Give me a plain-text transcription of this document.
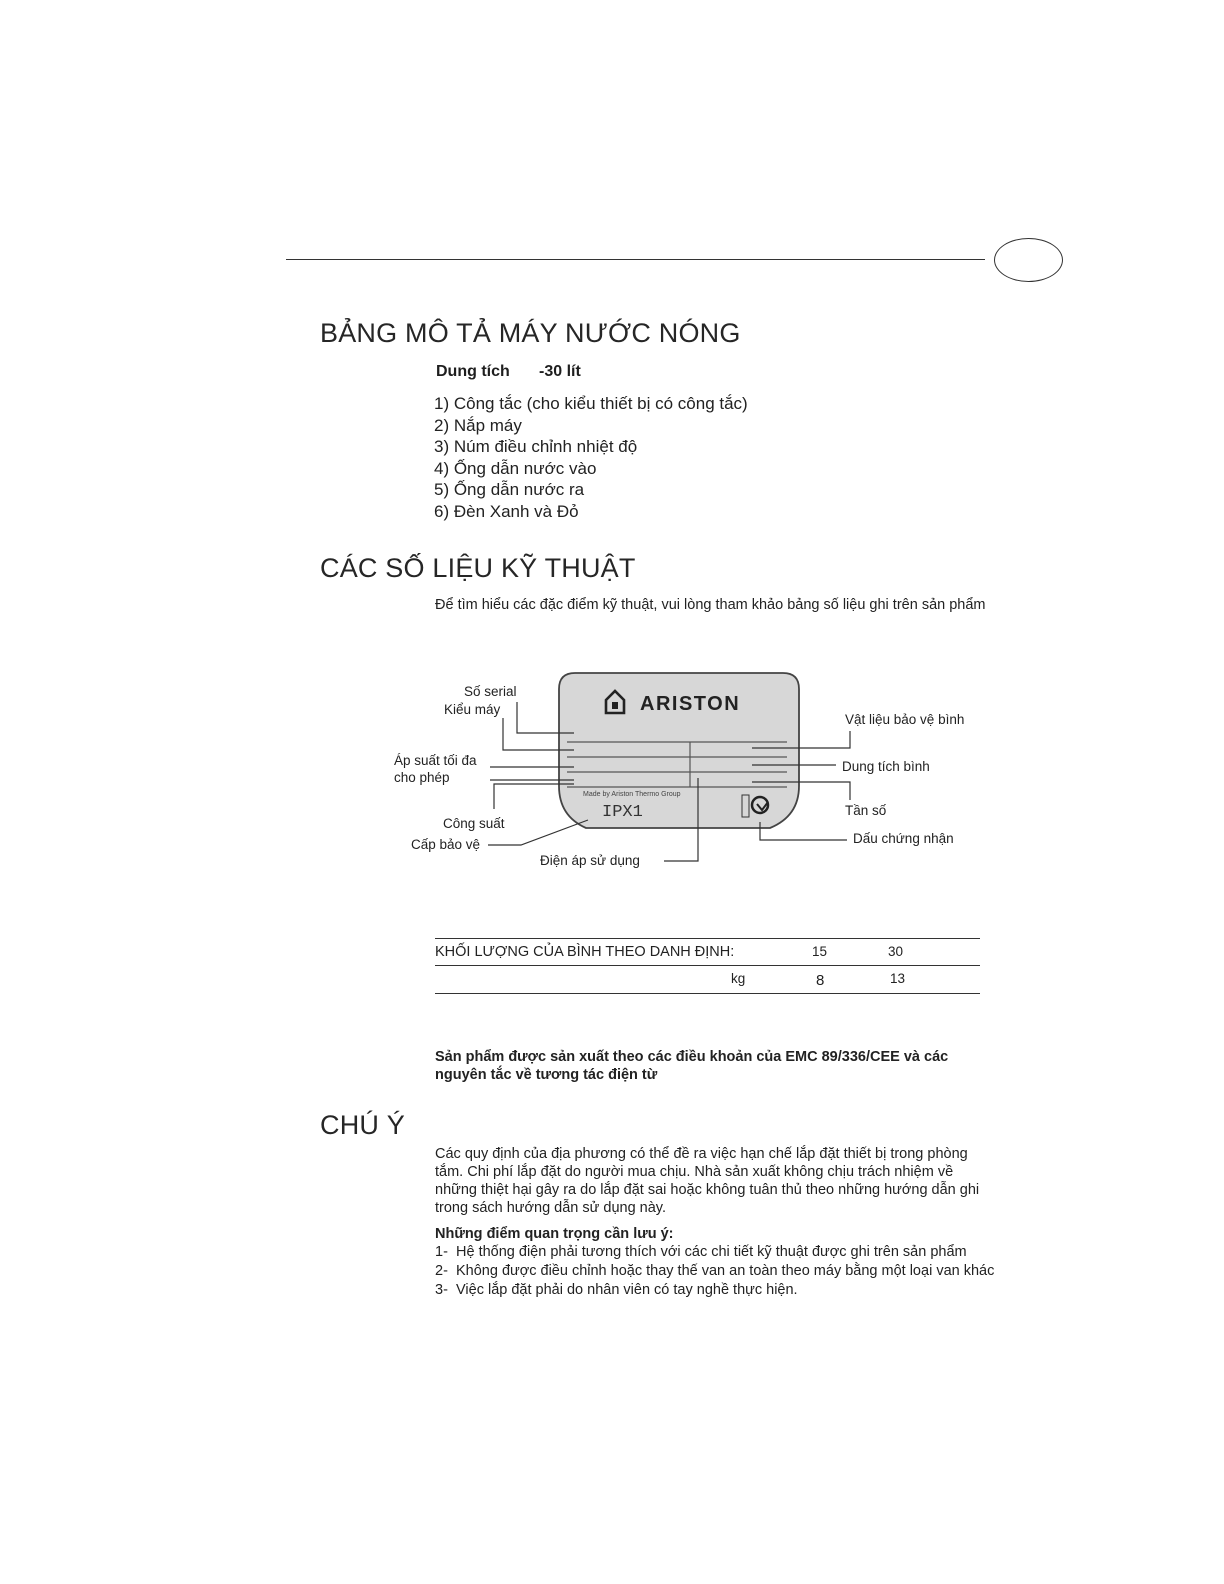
BẢNG MÔ TẢ MÁY NƯỚC NÓNG
Dung tích -30 lít
1) Công tắc (cho kiểu thiết bị có công tắc)
2) Nắp máy
3) Núm điều chỉnh nhiệt độ
4) Ống dẫn nước vào
5) Ống dẫn nước ra
6) Đèn Xanh và Đỏ
CÁC SỐ LIỆU KỸ THUẬT
Để tìm hiểu các đặc điểm kỹ thuật, vui lòng tham khảo bảng số liệu ghi trên sản phẩm
ARISTON
Made by Ariston Thermo Group
IPX1
Số serial
Kiểu máy
Áp suất tối đa
cho phép
Công suất
Cấp bảo vệ
Điện áp sử dụng
Vật liệu bảo vệ bình
Dung tích bình
Tần số
Dấu chứng nhận
KHỐI LƯỢNG CỦA BÌNH THEO DANH ĐỊNH:	15	30
kg	8	13
Sản phẩm được sản xuất theo các điều khoản của EMC 89/336/CEE và các nguyên tắc về tương tác điện từ
CHÚ Ý
Các quy định của địa phương có thể đề ra việc hạn chế lắp đặt thiết bị trong phòng tắm. Chi phí lắp đặt do người mua chịu. Nhà sản xuất không chịu trách nhiệm về những thiệt hại gây ra do lắp đặt sai hoặc không tuân thủ theo những hướng dẫn ghi trong sách hướng dẫn sử dụng này.
Những điểm quan trọng cần lưu ý:
1- Hệ thống điện phải tương thích với các chi tiết kỹ thuật được ghi trên sản phẩm
2- Không được điều chỉnh hoặc thay thế van an toàn theo máy bằng một loại van khác
3- Việc lắp đặt phải do nhân viên có tay nghề thực hiện.
